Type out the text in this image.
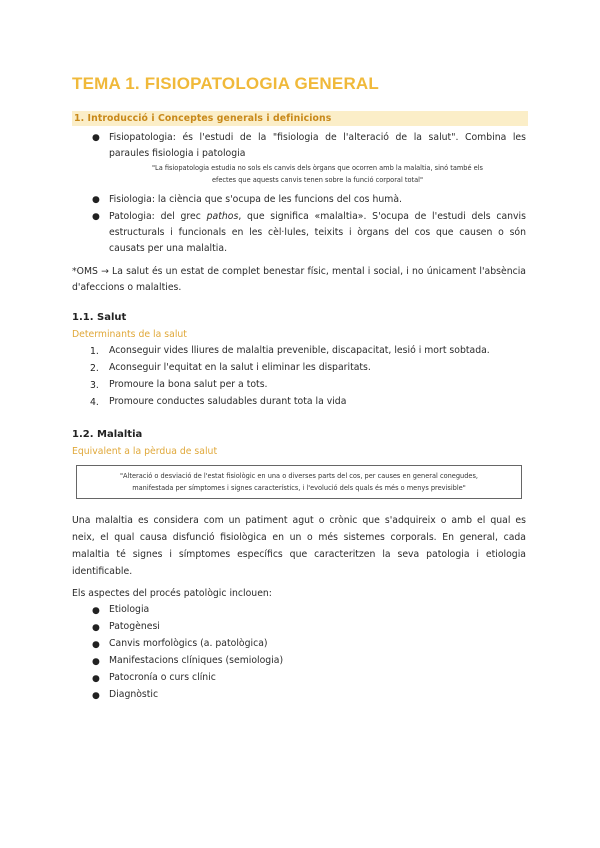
TEMA 1. FISIOPATOLOGIA GENERAL
1. Introducció i Conceptes generals i definicions
● Fisiopatologia: és l'estudi de la "fisiologia de l'alteració de la salut". Combina les
paraules fisiologia i patologia
"La fisiopatologia estudia no sols els canvis dels òrgans que ocorren amb la malaltia, sinó també els
efectes que aquests canvis tenen sobre la funció corporal total"
● Fisiologia: la ciència que s'ocupa de les funcions del cos humà.
● Patologia: del grec pathos, que significa «malaltia». S'ocupa de l'estudi dels canvis
estructurals i funcionals en les cèl·lules, teixits i òrgans del cos que causen o són
causats per una malaltia.
*OMS → La salut és un estat de complet benestar físic, mental i social, i no únicament l'absència
d'afeccions o malalties.
1.1. Salut
Determinants de la salut
1. Aconseguir vides lliures de malaltia prevenible, discapacitat, lesió i mort sobtada.
2. Aconseguir l'equitat en la salut i eliminar les disparitats.
3. Promoure la bona salut per a tots.
4. Promoure conductes saludables durant tota la vida
1.2. Malaltia
Equivalent a la pèrdua de salut
"Alteració o desviació de l'estat fisiològic en una o diverses parts del cos, per causes en general conegudes,
manifestada per símptomes i signes característics, i l'evolució dels quals és més o menys previsible"
Una malaltia es considera com un patiment agut o crònic que s'adquireix o amb el qual es
neix, el qual causa disfunció fisiològica en un o més sistemes corporals. En general, cada
malaltia té signes i símptomes específics que caracteritzen la seva patologia i etiologia
identificable.
Els aspectes del procés patològic inclouen:
● Etiologia
● Patogènesi
● Canvis morfològics (a. patològica)
● Manifestacions clíniques (semiologia)
● Patocronía o curs clínic
● Diagnòstic
